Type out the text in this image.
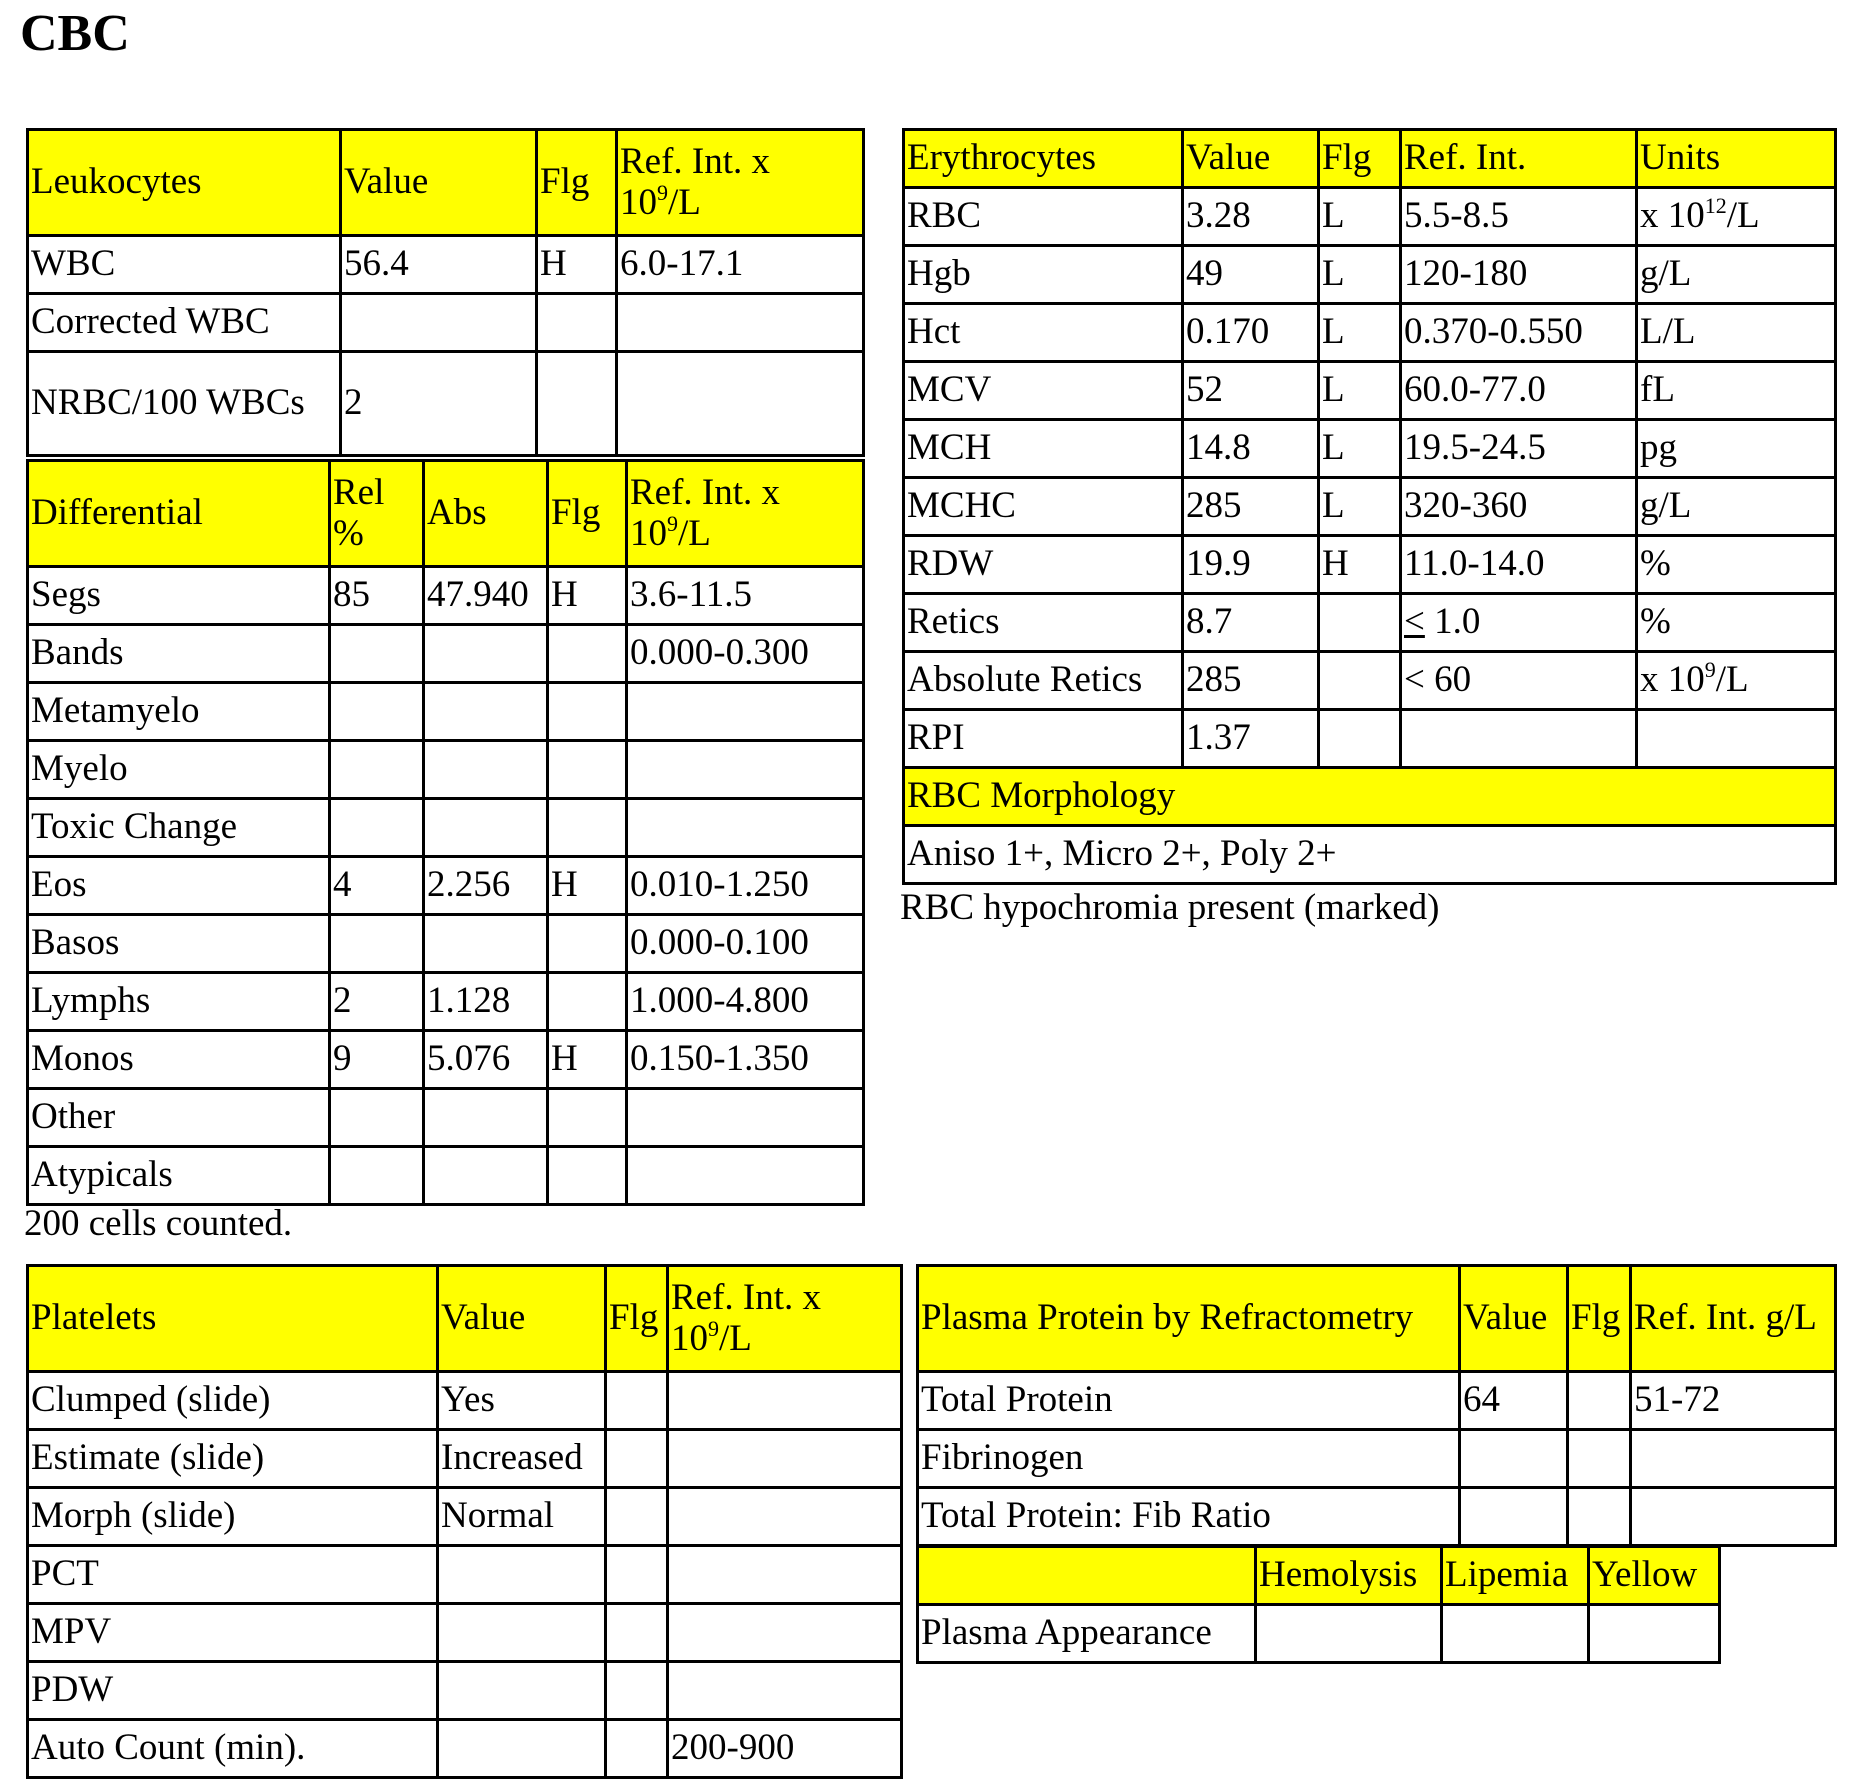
CBC
Leukocytes	Value	Flg	Ref. Int. x
$10^9/L$
WBC	56.4	H	6.0-17.1
Corrected WBC			
NRBC/100 WBCs	2		
Differential	Rel %	Abs	Flg	Ref. Int. x
$10^9/L$
Segs	85	47.940	H	3.6-11.5
Bands				0.000-0.300
Metamyelo				
Myelo				
Toxic Change				
Eos	4	2.256	H	0.010-1.250
Basos				0.000-0.100
Lymphs	2	1.128		1.000-4.800
Monos	9	5.076	H	0.150-1.350
Other				
Atypicals				
200 cells counted.
Erythrocytes	Value	Flg	Ref. Int.	Units
RBC	3.28	L	5.5-8.5	x $10^{12}/L$
Hgb	49	L	120-180	g/L
Hct	0.170	L	0.370-0.550	L/L
MCV	52	L	60.0-77.0	fL
MCH	14.8	L	19.5-24.5	pg
MCHC	285	L	320-360	g/L
RDW	19.9	H	11.0-14.0	%
Retics	8.7		< 1.0	%
Absolute Retics	285		< 60	x $10^9/L$
RPI	1.37			
RBC Morphology				
Aniso 1+, Micro 2+, Poly 2+				
RBC hypochromia present (marked)
Platelets	Value	Flg	Ref. Int. x
$10^9/L$
Clumped (slide)	Yes		
Estimate (slide)	Increased		
Morph (slide)	Normal		
PCT			
MPV			
PDW			
Auto Count (min).			200-900
Plasma Protein by Refractometry	Value	Flg	Ref. Int. g/L
Total Protein	64		51-72
Fibrinogen			
Total Protein: Fib Ratio			
	Hemolysis	Lipemia	Yellow
Plasma Appearance			
